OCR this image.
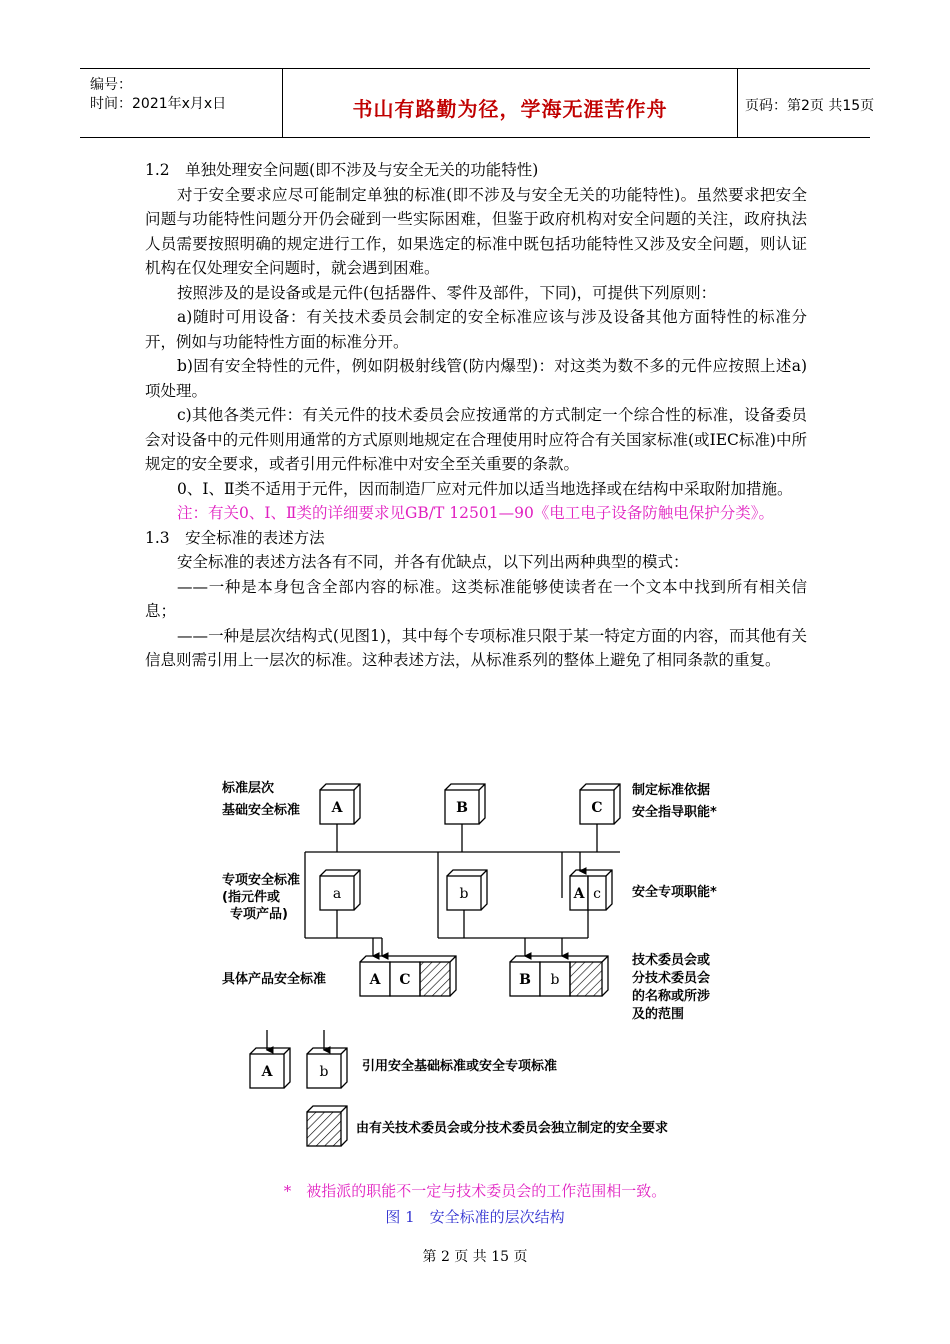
编号：
时间：2021年x月x日	书山有路勤为径，学海无涯苦作舟	页码：第2页 共15页

1.2　单独处理安全问题(即不涉及与安全无关的功能特性)

对于安全要求应尽可能制定单独的标准(即不涉及与安全无关的功能特性)。虽然要求把安全问题与功能特性问题分开仍会碰到一些实际困难，但鉴于政府机构对安全问题的关注，政府执法人员需要按照明确的规定进行工作，如果选定的标准中既包括功能特性又涉及安全问题，则认证机构在仅处理安全问题时，就会遇到困难。

按照涉及的是设备或是元件(包括器件、零件及部件，下同)，可提供下列原则：

a)随时可用设备：有关技术委员会制定的安全标准应该与涉及设备其他方面特性的标准分开，例如与功能特性方面的标准分开。

b)固有安全特性的元件，例如阴极射线管(防内爆型)：对这类为数不多的元件应按照上述a)项处理。

c)其他各类元件：有关元件的技术委员会应按通常的方式制定一个综合性的标准，设备委员会对设备中的元件则用通常的方式原则地规定在合理使用时应符合有关国家标准(或IEC标准)中所规定的安全要求，或者引用元件标准中对安全至关重要的条款。

0、Ⅰ、Ⅱ类不适用于元件，因而制造厂应对元件加以适当地选择或在结构中采取附加措施。

注：有关0、Ⅰ、Ⅱ类的详细要求见GB/T 12501—90《电工电子设备防触电保护分类》。

1.3　安全标准的表述方法

安全标准的表述方法各有不同，并各有优缺点，以下列出两种典型的模式：

——一种是本身包含全部内容的标准。这类标准能够使读者在一个文本中找到所有相关信息；

——一种是层次结构式(见图1)，其中每个专项标准只限于某一特定方面的内容，而其他有关信息则需引用上一层次的标准。这种表述方法，从标准系列的整体上避免了相同条款的重复。

A	B	C
a	b	A c
A C	B b
A	b
标准层次
基础安全标准
制定标准依据
安全指导职能*
专项安全标准
(指元件或
专项产品)
安全专项职能*
具体产品安全标准
技术委员会或
分技术委员会
的名称或所涉
及的范围
引用安全基础标准或安全专项标准
由有关技术委员会或分技术委员会独立制定的安全要求
*　被指派的职能不一定与技术委员会的工作范围相一致。
图 1　安全标准的层次结构
第 2 页 共 15 页
